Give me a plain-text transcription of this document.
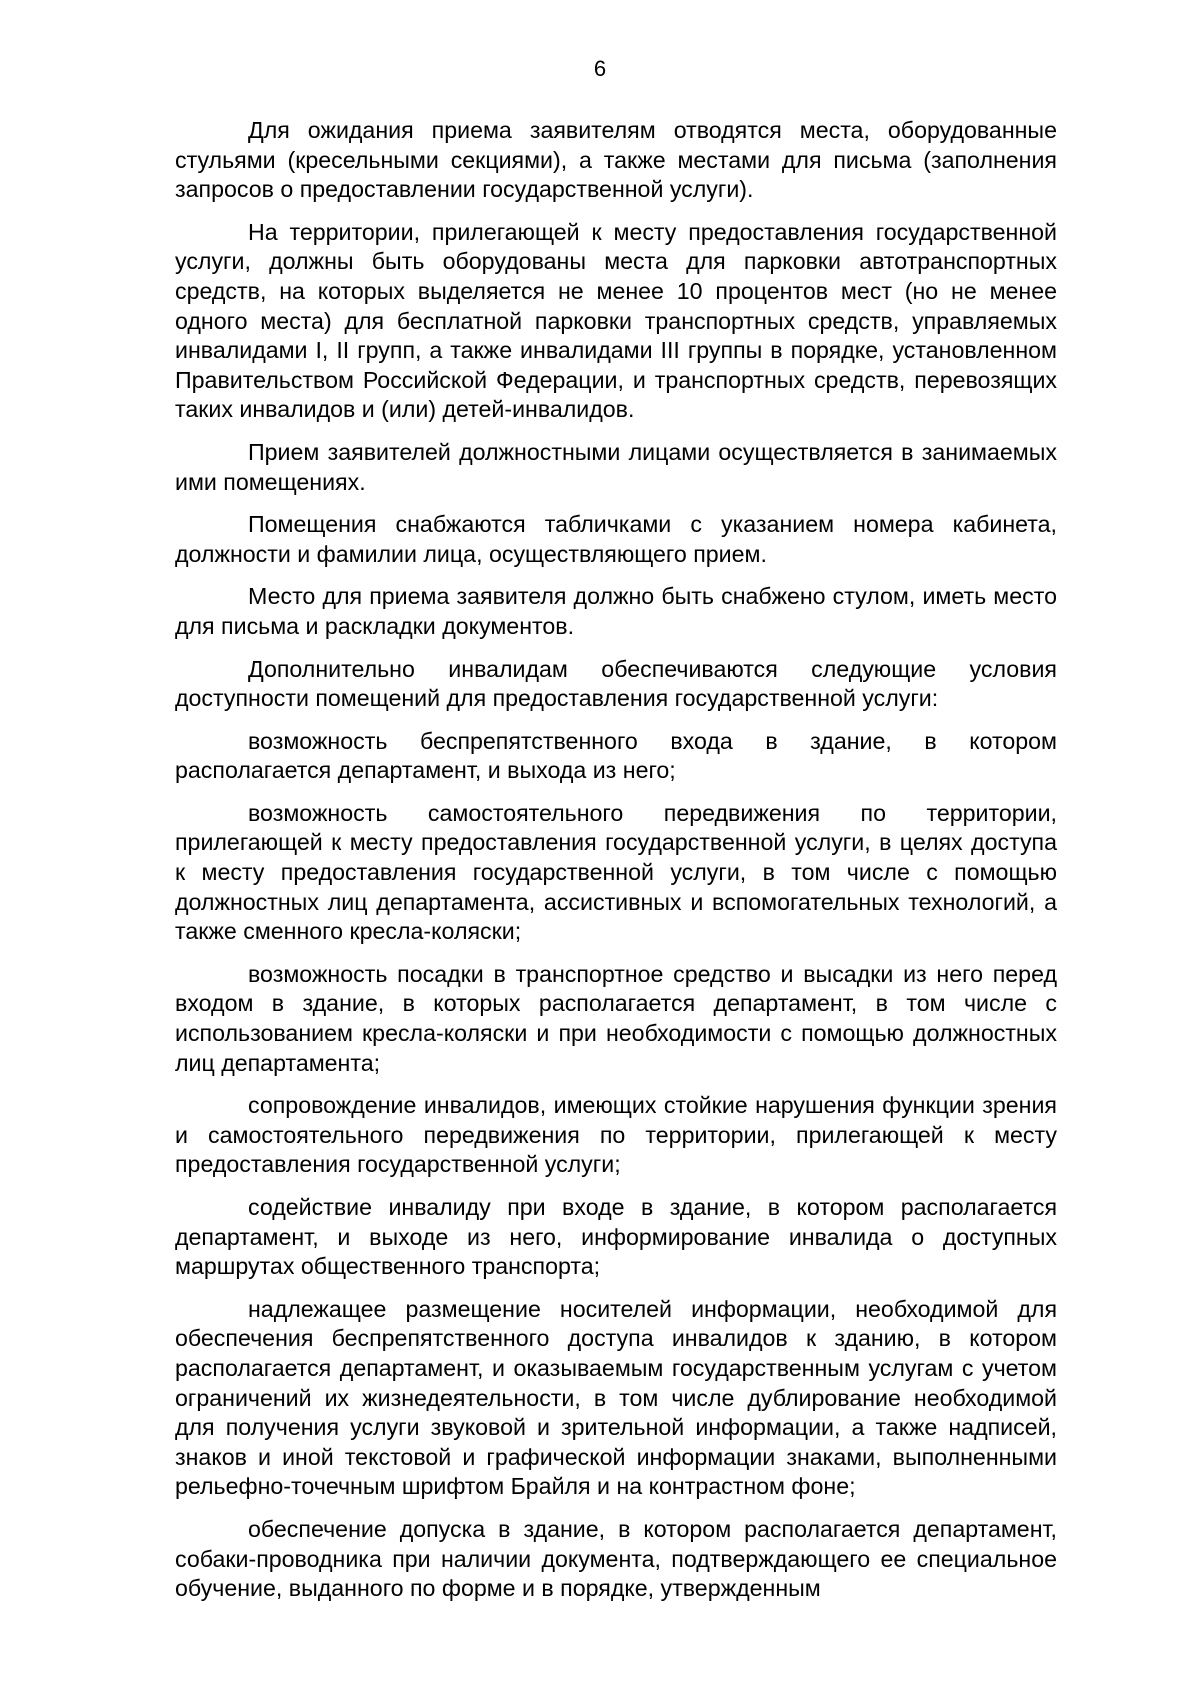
6

Для ожидания приема заявителям отводятся места, оборудованные стульями (кресельными секциями), а также местами для письма (заполнения запросов о предоставлении государственной услуги).

На территории, прилегающей к месту предоставления государственной услуги, должны быть оборудованы места для парковки автотранспортных средств, на которых выделяется не менее 10 процентов мест (но не менее одного места) для бесплатной парковки транспортных средств, управляемых инвалидами I, II групп, а также инвалидами III группы в порядке, установленном Правительством Российской Федерации, и транспортных средств, перевозящих таких инвалидов и (или) детей-инвалидов.

Прием заявителей должностными лицами осуществляется в занимаемых ими помещениях.

Помещения снабжаются табличками с указанием номера кабинета, должности и фамилии лица, осуществляющего прием.

Место для приема заявителя должно быть снабжено стулом, иметь место для письма и раскладки документов.

Дополнительно инвалидам обеспечиваются следующие условия доступности помещений для предоставления государственной услуги:

возможность беспрепятственного входа в здание, в котором располагается департамент, и выхода из него;

возможность самостоятельного передвижения по территории, прилегающей к месту предоставления государственной услуги, в целях доступа к месту предоставления государственной услуги, в том числе с помощью должностных лиц департамента, ассистивных и вспомогательных технологий, а также сменного кресла-коляски;

возможность посадки в транспортное средство и высадки из него перед входом в здание, в которых располагается департамент, в том числе с использованием кресла-коляски и при необходимости с помощью должностных лиц департамента;

сопровождение инвалидов, имеющих стойкие нарушения функции зрения и самостоятельного передвижения по территории, прилегающей к месту предоставления государственной услуги;

содействие инвалиду при входе в здание, в котором располагается департамент, и выходе из него, информирование инвалида о доступных маршрутах общественного транспорта;

надлежащее размещение носителей информации, необходимой для обеспечения беспрепятственного доступа инвалидов к зданию, в котором располагается департамент, и оказываемым государственным услугам с учетом ограничений их жизнедеятельности, в том числе дублирование необходимой для получения услуги звуковой и зрительной информации, а также надписей, знаков и иной текстовой и графической информации знаками, выполненными рельефно-точечным шрифтом Брайля и на контрастном фоне;

обеспечение допуска в здание, в котором располагается департамент, собаки-проводника при наличии документа, подтверждающего ее специальное обучение, выданного по форме и в порядке, утвержденным
